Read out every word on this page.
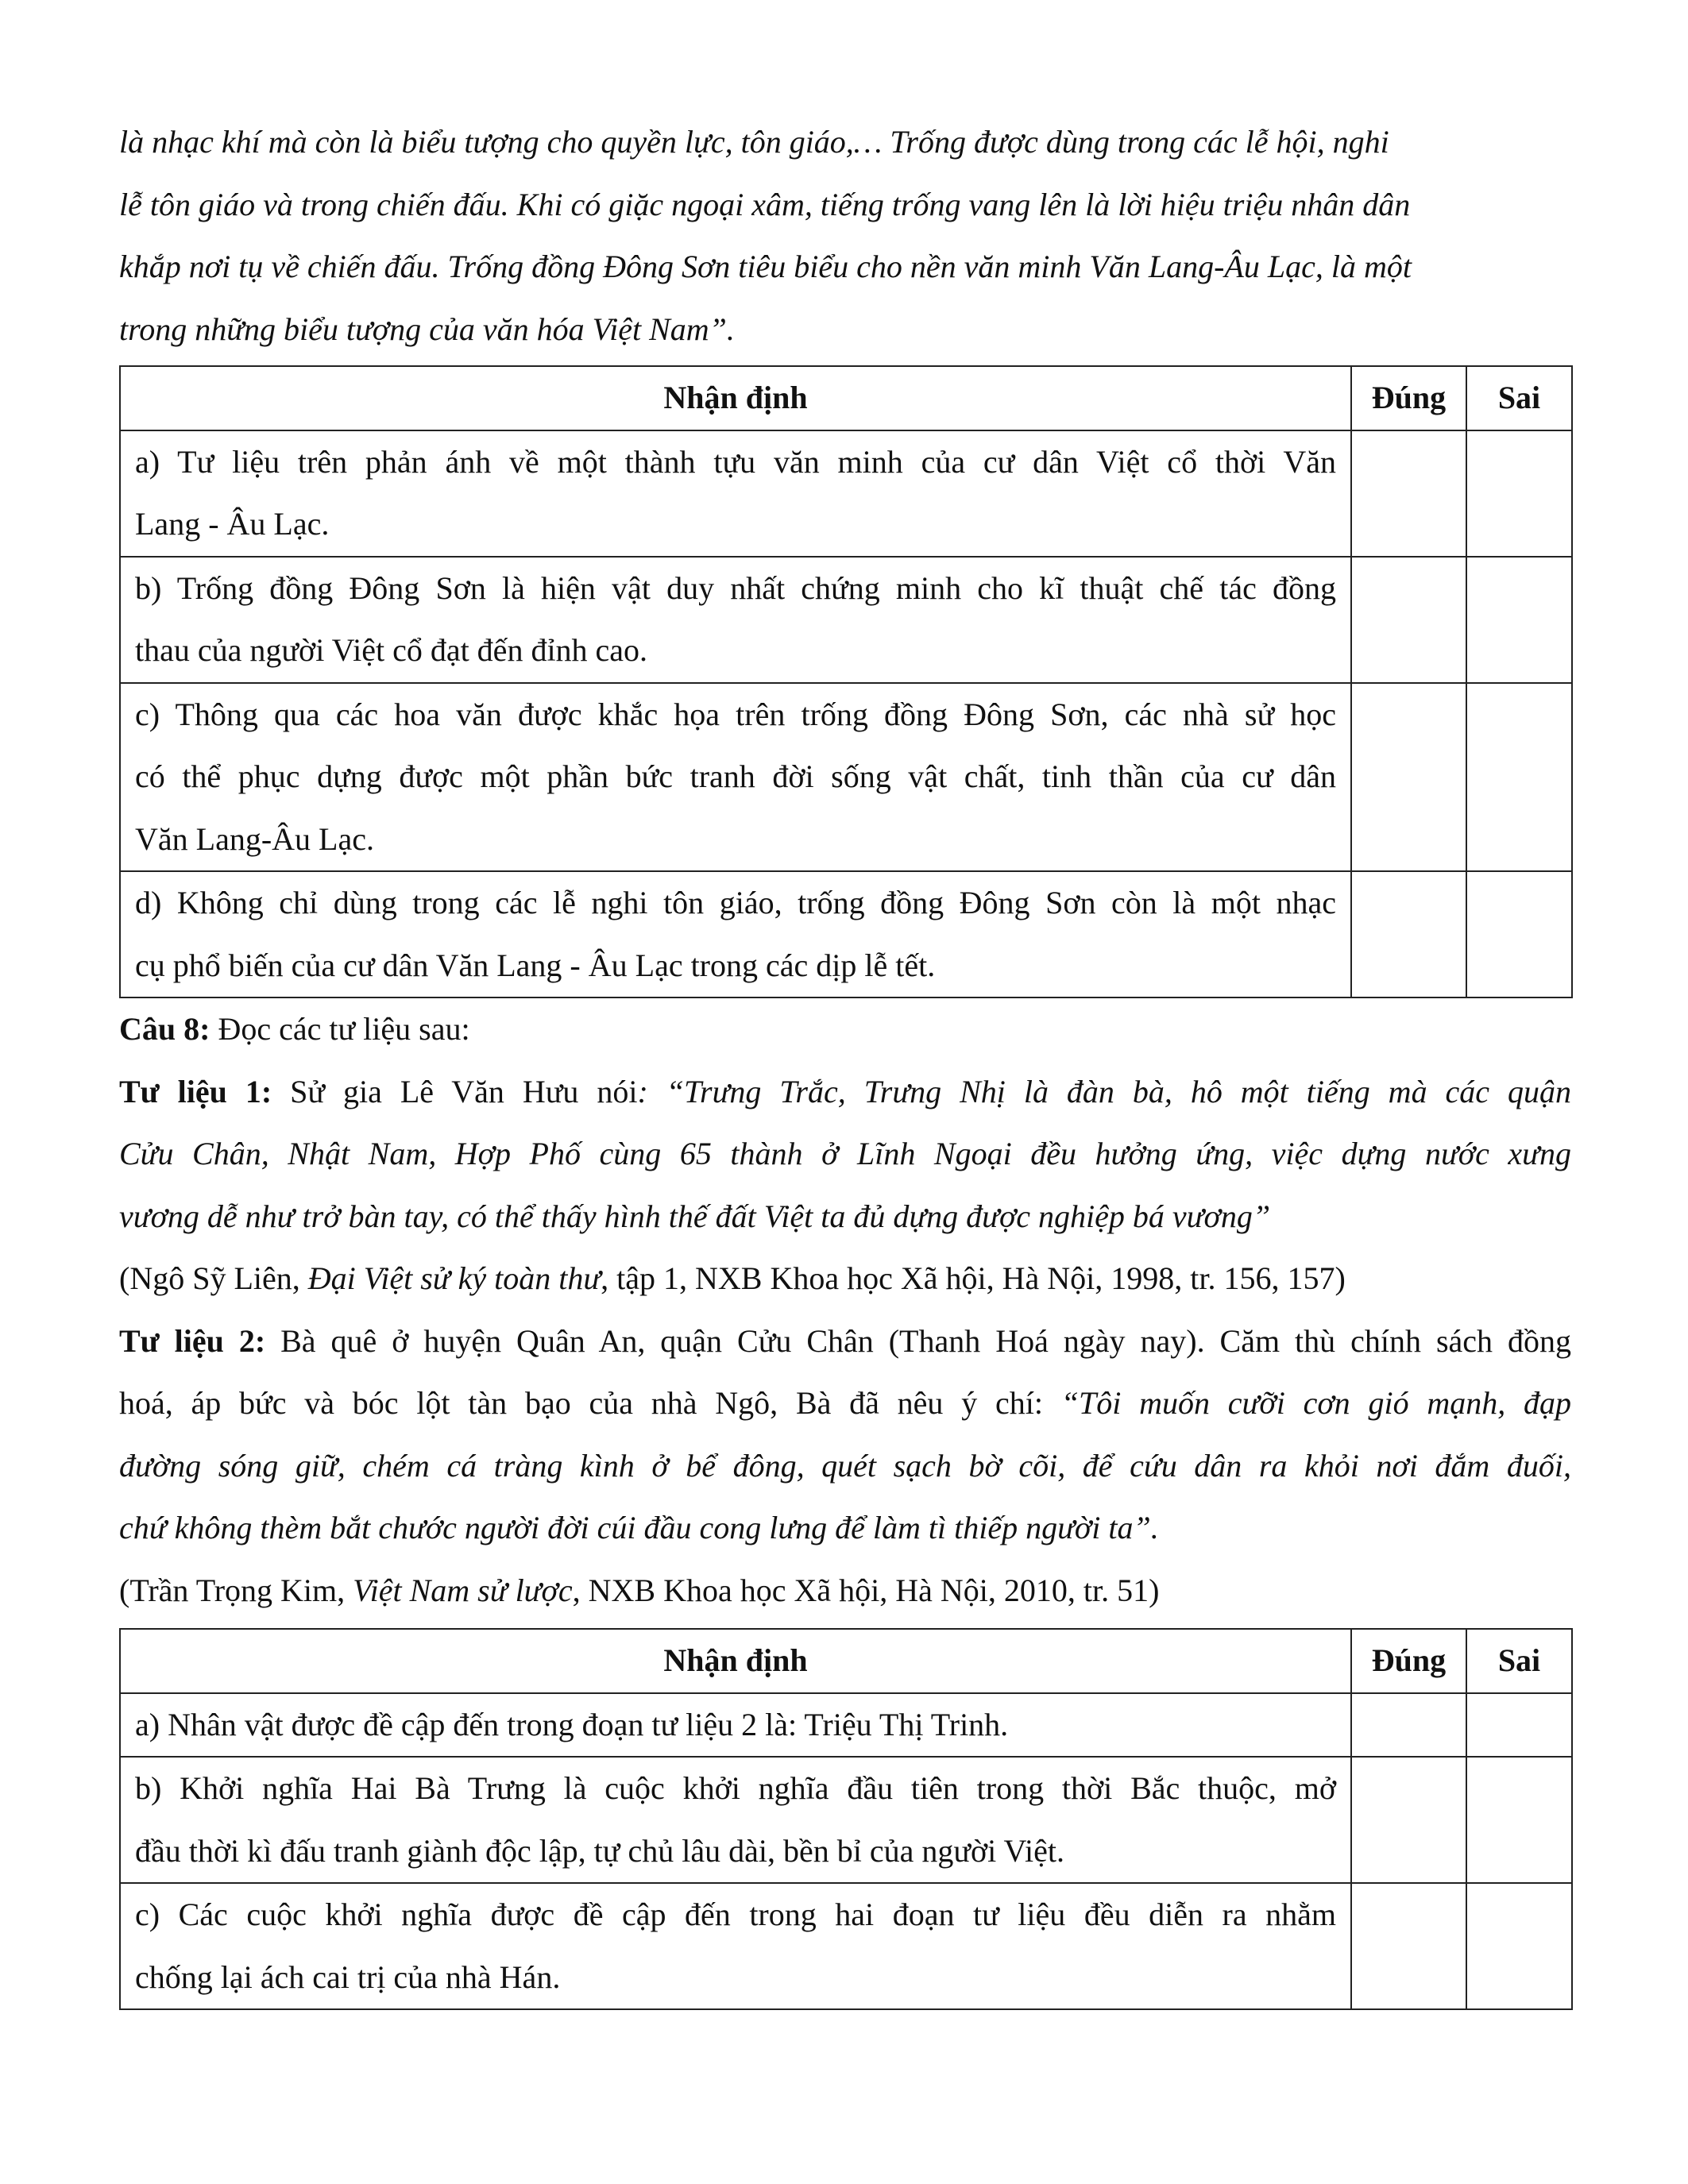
là nhạc khí mà còn là biểu tượng cho quyền lực, tôn giáo,… Trống được dùng trong các lễ hội, nghi

lễ tôn giáo và trong chiến đấu. Khi có giặc ngoại xâm, tiếng trống vang lên là lời hiệu triệu nhân dân

khắp nơi tụ về chiến đấu. Trống đồng Đông Sơn tiêu biểu cho nền văn minh Văn Lang-Âu Lạc, là một

trong những biểu tượng của văn hóa Việt Nam”.

Nhận định	Đúng	Sai

a) Tư liệu trên phản ánh về một thành tựu văn minh của cư dân Việt cổ thời Văn
Lang - Âu Lạc.		

b) Trống đồng Đông Sơn là hiện vật duy nhất chứng minh cho kĩ thuật chế tác đồng
thau của người Việt cổ đạt đến đỉnh cao.		

c) Thông qua các hoa văn được khắc họa trên trống đồng Đông Sơn, các nhà sử học
có thể phục dựng được một phần bức tranh đời sống vật chất, tinh thần của cư dân
Văn Lang-Âu Lạc.		

d) Không chỉ dùng trong các lễ nghi tôn giáo, trống đồng Đông Sơn còn là một nhạc
cụ phổ biến của cư dân Văn Lang - Âu Lạc trong các dịp lễ tết.		

Câu 8: Đọc các tư liệu sau:

Tư liệu 1: Sử gia Lê Văn Hưu nói: “Trưng Trắc, Trưng Nhị là đàn bà, hô một tiếng mà các quận

Cửu Chân, Nhật Nam, Hợp Phố cùng 65 thành ở Lĩnh Ngoại đều hưởng ứng, việc dựng nước xưng

vương dễ như trở bàn tay, có thể thấy hình thế đất Việt ta đủ dựng được nghiệp bá vương”

(Ngô Sỹ Liên, Đại Việt sử ký toàn thư, tập 1, NXB Khoa học Xã hội, Hà Nội, 1998, tr. 156, 157)

Tư liệu 2: Bà quê ở huyện Quân An, quận Cửu Chân (Thanh Hoá ngày nay). Căm thù chính sách đồng

hoá, áp bức và bóc lột tàn bạo của nhà Ngô, Bà đã nêu ý chí: “Tôi muốn cưỡi cơn gió mạnh, đạp

đường sóng giữ, chém cá tràng kình ở bể đông, quét sạch bờ cõi, để cứu dân ra khỏi nơi đắm đuối,

chứ không thèm bắt chước người đời cúi đầu cong lưng để làm tì thiếp người ta”.

(Trần Trọng Kim, Việt Nam sử lược, NXB Khoa học Xã hội, Hà Nội, 2010, tr. 51)

Nhận định	Đúng	Sai

a) Nhân vật được đề cập đến trong đoạn tư liệu 2 là: Triệu Thị Trinh.		

b) Khởi nghĩa Hai Bà Trưng là cuộc khởi nghĩa đầu tiên trong thời Bắc thuộc, mở
đầu thời kì đấu tranh giành độc lập, tự chủ lâu dài, bền bỉ của người Việt.		

c) Các cuộc khởi nghĩa được đề cập đến trong hai đoạn tư liệu đều diễn ra nhằm
chống lại ách cai trị của nhà Hán.		
